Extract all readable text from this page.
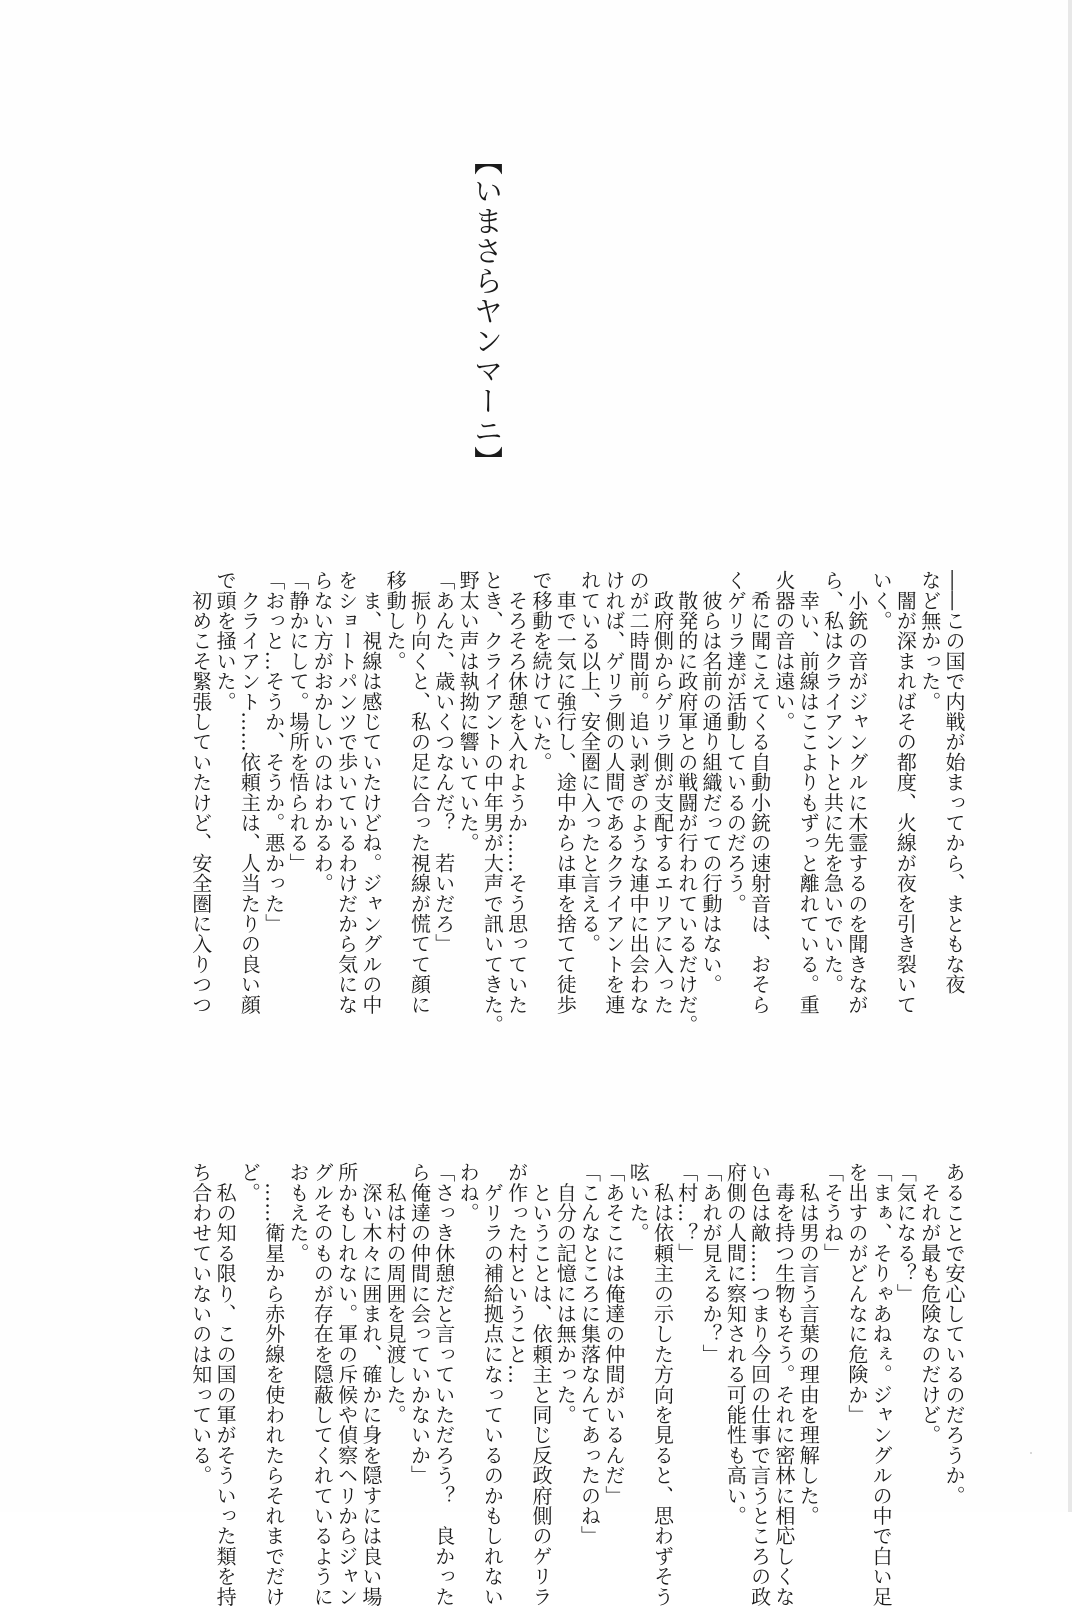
【いまさらヤンマーニ】
――この国で内戦が始まってから、まともな夜
など無かった。
　闇が深まればその都度、火線が夜を引き裂いて
いく。
　小銃の音がジャングルに木霊するのを聞きなが
ら、私はクライアントと共に先を急いでいた。
　幸い、前線はここよりもずっと離れている。重
火器の音は遠い。
　希に聞こえてくる自動小銃の速射音は、おそら
くゲリラ達が活動しているのだろう。
　彼らは名前の通り組織だっての行動はない。
　散発的に政府軍との戦闘が行われているだけだ。
　政府側からゲリラ側が支配するエリアに入った
のが二時間前。追い剥ぎのような連中に出会わな
ければ、ゲリラ側の人間であるクライアントを連
れている以上、安全圏に入ったと言える。
　車で一気に強行し、途中からは車を捨てて徒歩
で移動を続けていた。
　そろそろ休憩を入れようか……そう思っていた
とき、クライアントの中年男が大声で訊いてきた。
野太い声は執拗に響いていた。
「あんた、歳いくつなんだ？　若いだろ」
　振り向くと、私の足に合った視線が慌てて顔に
移動した。
　ま、視線は感じていたけどね。ジャングルの中
をショートパンツで歩いているわけだから気にな
らない方がおかしいのはわかるわ。
「静かにして。場所を悟られる」
「おっと…そうか、そうか。悪かった」
　クライアント……依頼主は、人当たりの良い顔
で頭を掻いた。
　初めこそ緊張していたけど、安全圏に入りつつ
あることで安心しているのだろうか。
　それが最も危険なのだけど。
「気になる？」
「まぁ、そりゃあねぇ。ジャングルの中で白い足
を出すのがどんなに危険か」
「そうね」
　私は男の言う言葉の理由を理解した。
　毒を持つ生物もそう。それに密林に相応しくな
い色は敵……つまり今回の仕事で言うところの政
府側の人間に察知される可能性も高い。
「あれが見えるか？」
「村…？」
　私は依頼主の示した方向を見ると、思わずそう
呟いた。
「あそこには俺達の仲間がいるんだ」
「こんなところに集落なんてあったのね」
　自分の記憶には無かった。
　ということは、依頼主と同じ反政府側のゲリラ
が作った村ということ…
　ゲリラの補給拠点になっているのかもしれない
わね。
「さっき休憩だと言っていただろう？　良かった
ら俺達の仲間に会っていかないか」
　私は村の周囲を見渡した。
　深い木々に囲まれ、確かに身を隠すには良い場
所かもしれない。軍の斥候や偵察ヘリからジャン
グルそのものが存在を隠蔽してくれているように
おもえた。
　……衛星から赤外線を使われたらそれまでだけ
ど。
　私の知る限り、この国の軍がそういった類を持
ち合わせていないのは知っている。
